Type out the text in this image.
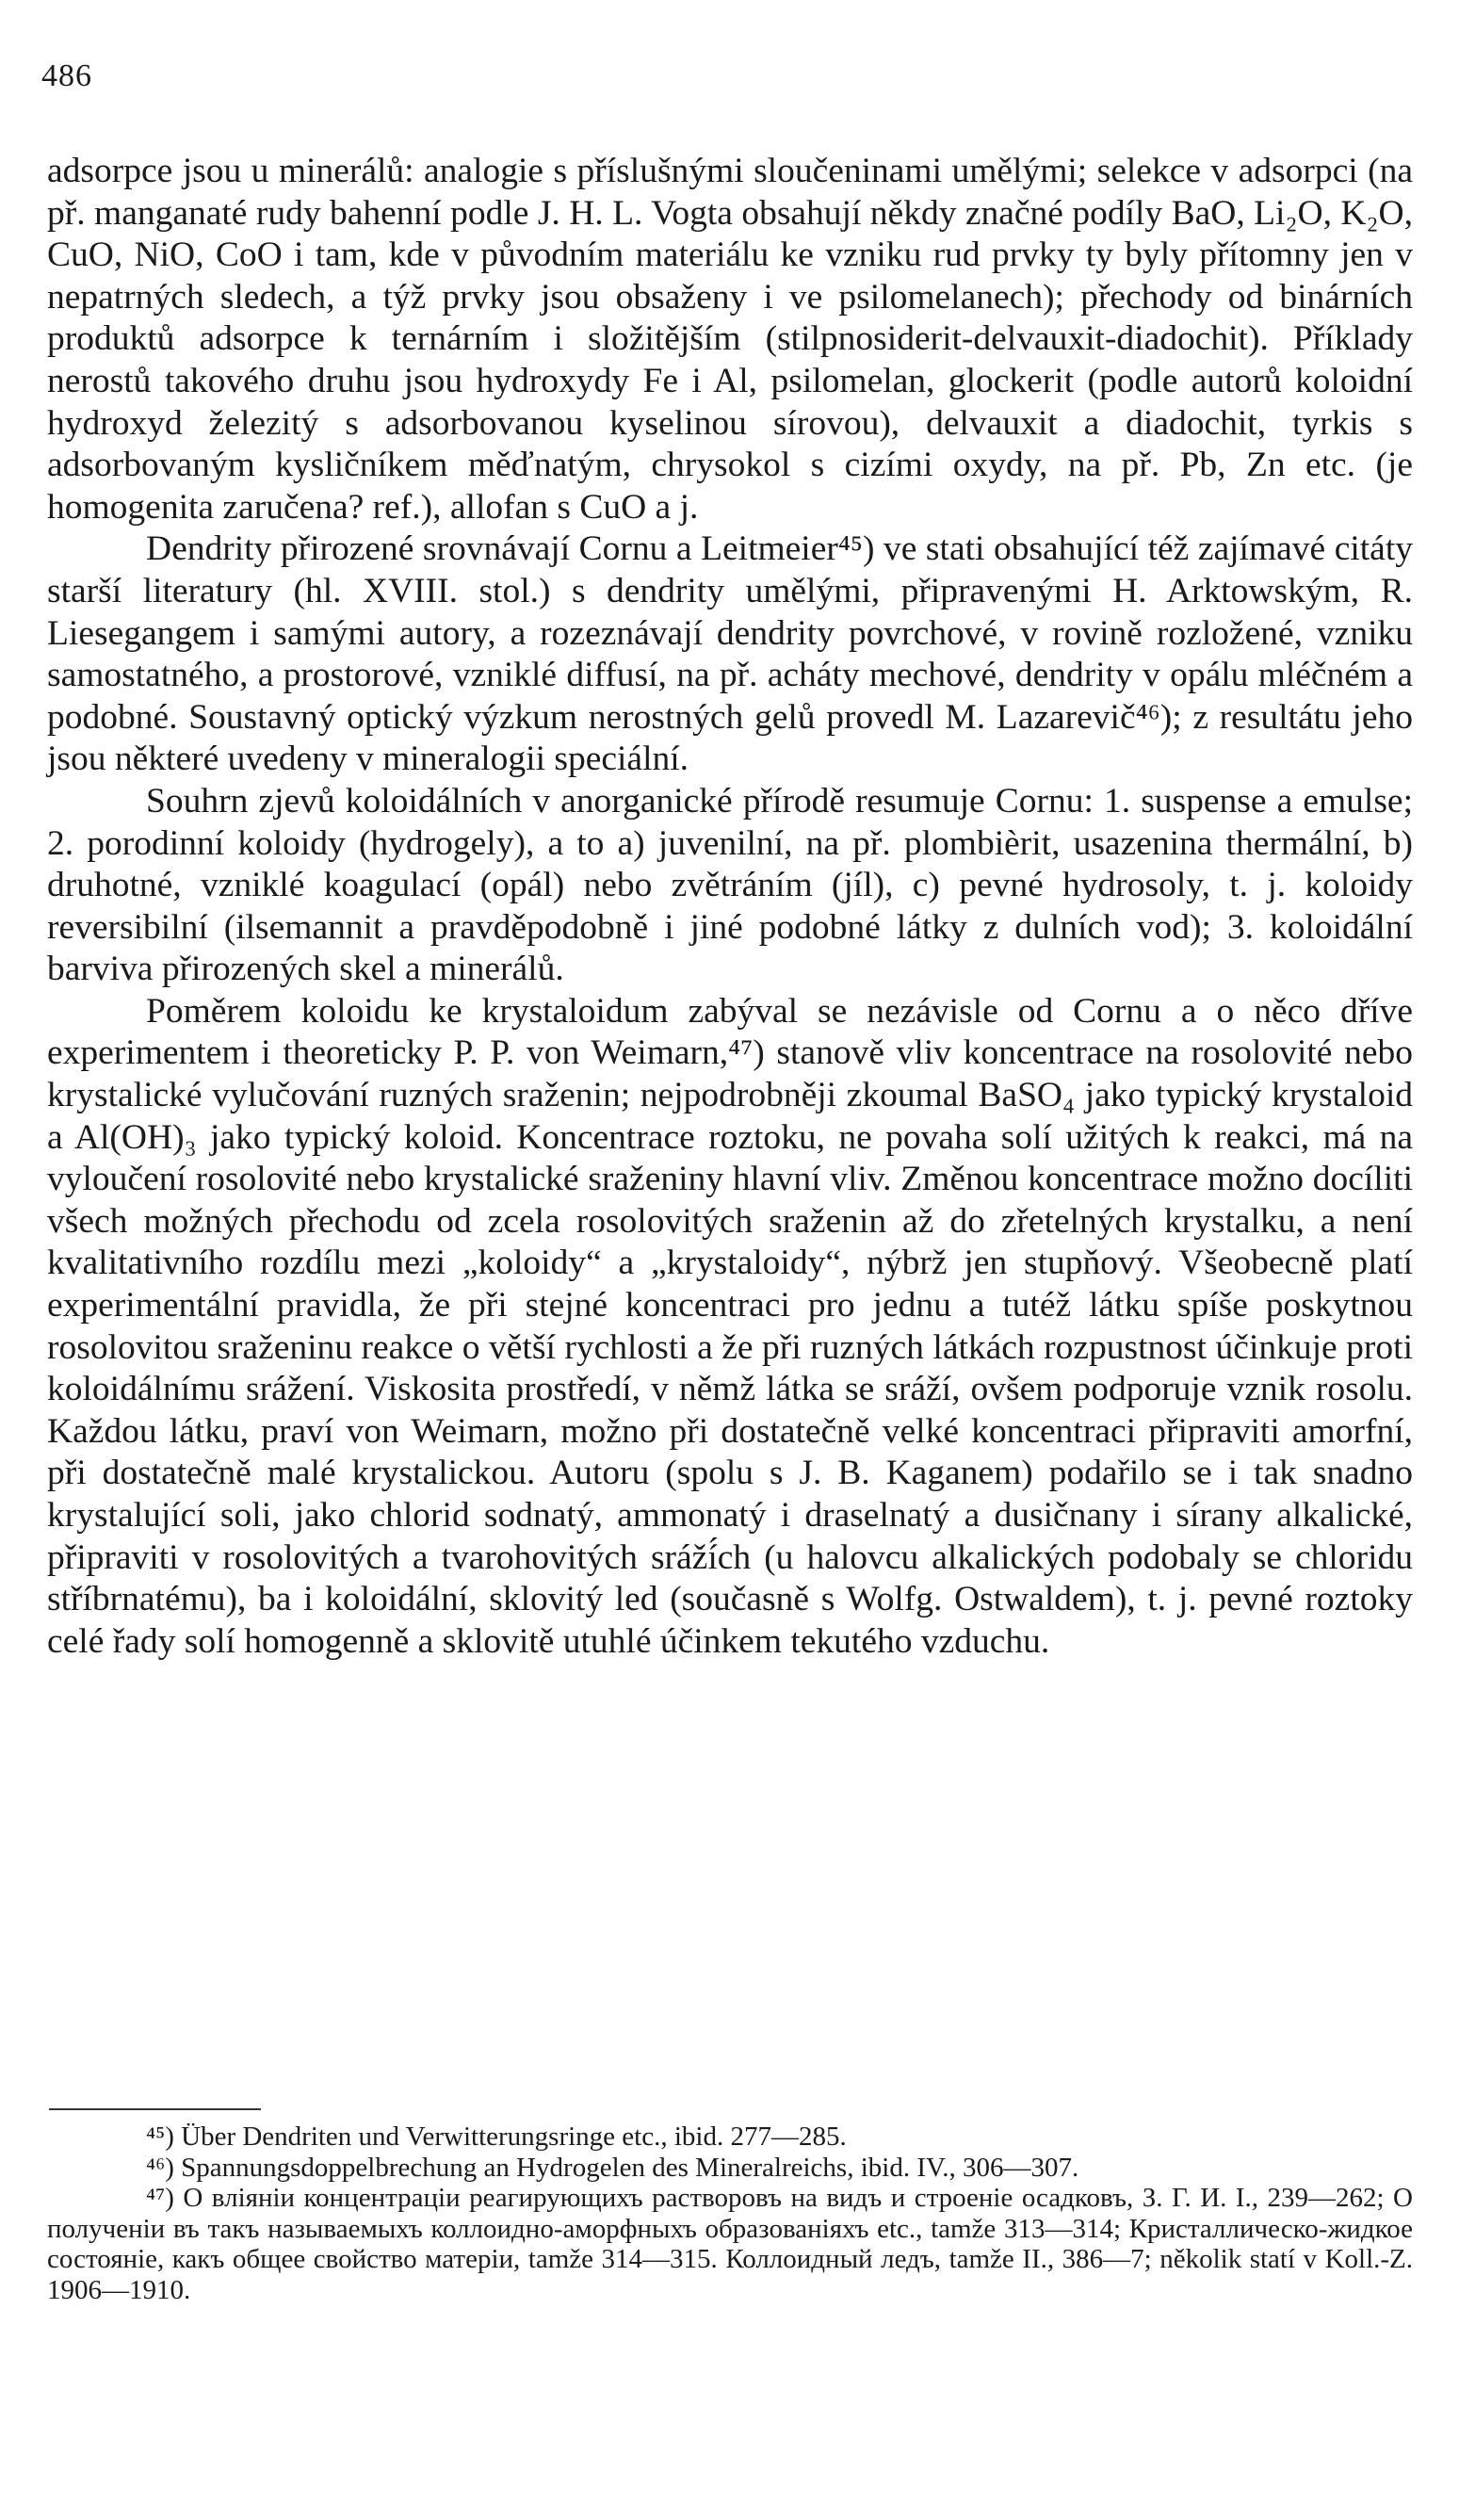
486

adsorpce jsou u minerálů: analogie s příslušnými sloučeninami umělými; selekce v adsorpci (na př. manganaté rudy bahenní podle J. H. L. Vogta obsahují někdy značné podíly BaO, Li₂O, K₂O, CuO, NiO, CoO i tam, kde v původním materiálu ke vzniku rud prvky ty byly přítomny jen v nepatrných sledech, a týž prvky jsou obsaženy i ve psilomelanech); přechody od binárních produktů adsorpce k ternárním i složitějším (stilpnosiderit-delvauxit-diadochit). Příklady nerostů takového druhu jsou hydroxydy Fe i Al, psilomelan, glockerit (podle autorů koloidní hydroxyd železitý s adsorbovanou kyselinou sírovou), delvauxit a diadochit, tyrkis s adsorbovaným kysličníkem měďnatým, chrysokol s cizími oxydy, na př. Pb, Zn etc. (je homogenita zaručena? ref.), allofan s CuO a j.

Dendrity přirozené srovnávají Cornu a Leitmeier⁴⁵) ve stati obsahující též zajímavé citáty starší literatury (hl. XVIII. stol.) s dendrity umělými, připravenými H. Arktowským, R. Liesegangem i samými autory, a rozeznávají dendrity povrchové, v rovině rozložené, vzniku samostatného, a prostorové, vzniklé diffusí, na př. acháty mechové, dendrity v opálu mléčném a podobné. Soustavný optický výzkum nerostných gelů provedl M. Lazarevič⁴⁶); z resultátu jeho jsou některé uvedeny v mineralogii speciální.

Souhrn zjevů koloidálních v anorganické přírodě resumuje Cornu: 1. suspense a emulse; 2. porodinní koloidy (hydrogely), a to a) juvenilní, na př. plombièrit, usazenina thermální, b) druhotné, vzniklé koagulací (opál) nebo zvětráním (jíl), c) pevné hydrosoly, t. j. koloidy reversibilní (ilsemannit a pravděpodobně i jiné podobné látky z dulních vod); 3. koloidální barviva přirozených skel a minerálů.

Poměrem koloidu ke krystaloidum zabýval se nezávisle od Cornu a o něco dříve experimentem i theoreticky P. P. von Weimarn,⁴⁷) stanově vliv koncentrace na rosolovité nebo krystalické vylučování ruzných sraženin; nejpodrobněji zkoumal BaSO₄ jako typický krystaloid a Al(OH)₃ jako typický koloid. Koncentrace roztoku, ne povaha solí užitých k reakci, má na vyloučení rosolovité nebo krystalické sraženiny hlavní vliv. Změnou koncentrace možno docíliti všech možných přechodu od zcela rosolovitých sraženin až do zřetelných krystalku, a není kvalitativního rozdílu mezi „koloidy“ a „krystaloidy“, nýbrž jen stupňový. Všeobecně platí experimentální pravidla, že při stejné koncentraci pro jednu a tutéž látku spíše poskytnou rosolovitou sraženinu reakce o větší rychlosti a že při ruzných látkách rozpustnost účinkuje proti koloidálnímu srážení. Viskosita prostředí, v němž látka se sráží, ovšem podporuje vznik rosolu. Každou látku, praví von Weimarn, možno při dostatečně velké koncentraci připraviti amorfní, při dostatečně malé krystalickou. Autoru (spolu s J. B. Kaganem) podařilo se i tak snadno krystalující soli, jako chlorid sodnatý, ammonatý i draselnatý a dusičnany i sírany alkalické, připraviti v rosolovitých a tvarohovitých sráží́ch (u halovcu alkalických podobaly se chloridu stříbrnatému), ba i koloidální, sklovitý led (současně s Wolfg. Ostwaldem), t. j. pevné roztoky celé řady solí homogenně a sklovitě utuhlé účinkem tekutého vzduchu.

⁴⁵) Über Dendriten und Verwitterungsringe etc., ibid. 277—285.

⁴⁶) Spannungsdoppelbrechung an Hydrogelen des Mineralreichs, ibid. IV., 306—307.

⁴⁷) О вліяніи концентраціи реагирующихъ растворовъ на видъ и строеніе осадковъ, З. Г. И. I., 239—262; О полученіи въ такъ называемыхъ коллоидно-аморфныхъ образованіяхъ etc., tamže 313—314; Кристаллическо-жидкое состояніе, какъ общее свойство матеріи, tamže 314—315. Коллоидный ледъ, tamže II., 386—7; několik statí v Koll.-Z. 1906—1910.
